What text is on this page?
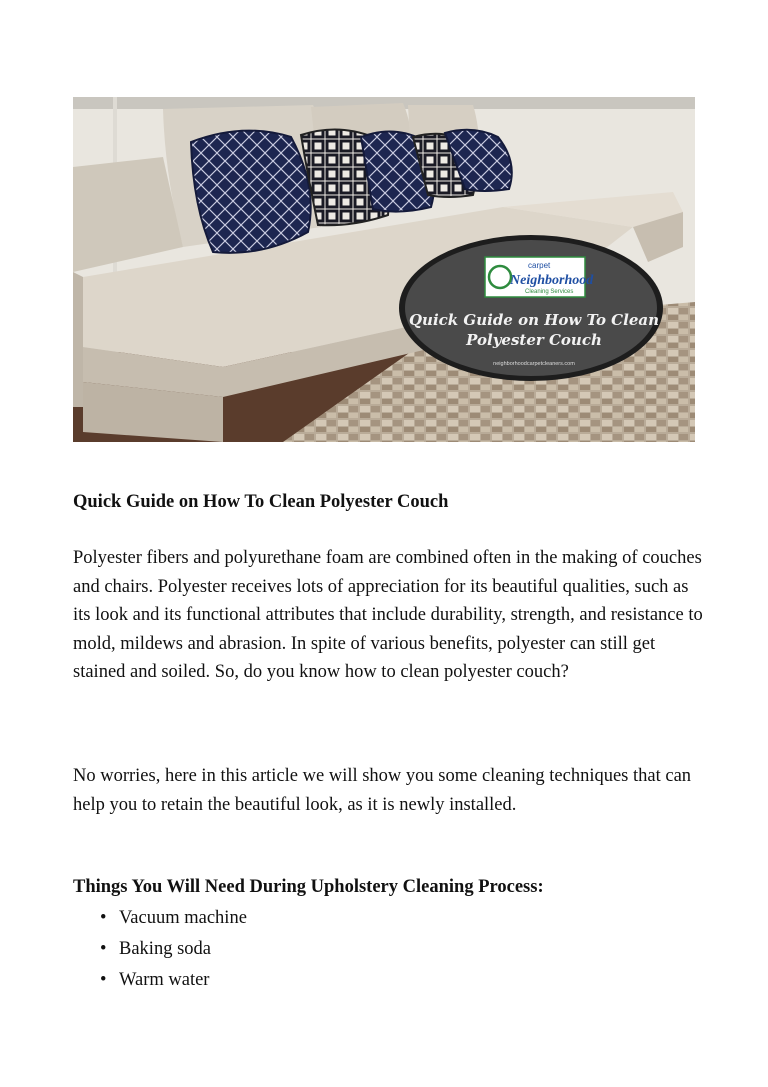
carpet
Neighborhood
Cleaning Services
Quick Guide on How To Clean
Polyester Couch
neighborhoodcarpetcleaners.com
Quick Guide on How To Clean Polyester Couch

Polyester fibers and polyurethane foam are combined often in the making of couches and chairs. Polyester receives lots of appreciation for its beautiful qualities, such as its look and its functional attributes that include durability, strength, and resistance to mold, mildews and abrasion. In spite of various benefits, polyester can still get stained and soiled. So, do you know how to clean polyester couch?

No worries, here in this article we will show you some cleaning techniques that can help you to retain the beautiful look, as it is newly installed.

Things You Will Need During Upholstery Cleaning Process:
• Vacuum machine
• Baking soda
• Warm water
